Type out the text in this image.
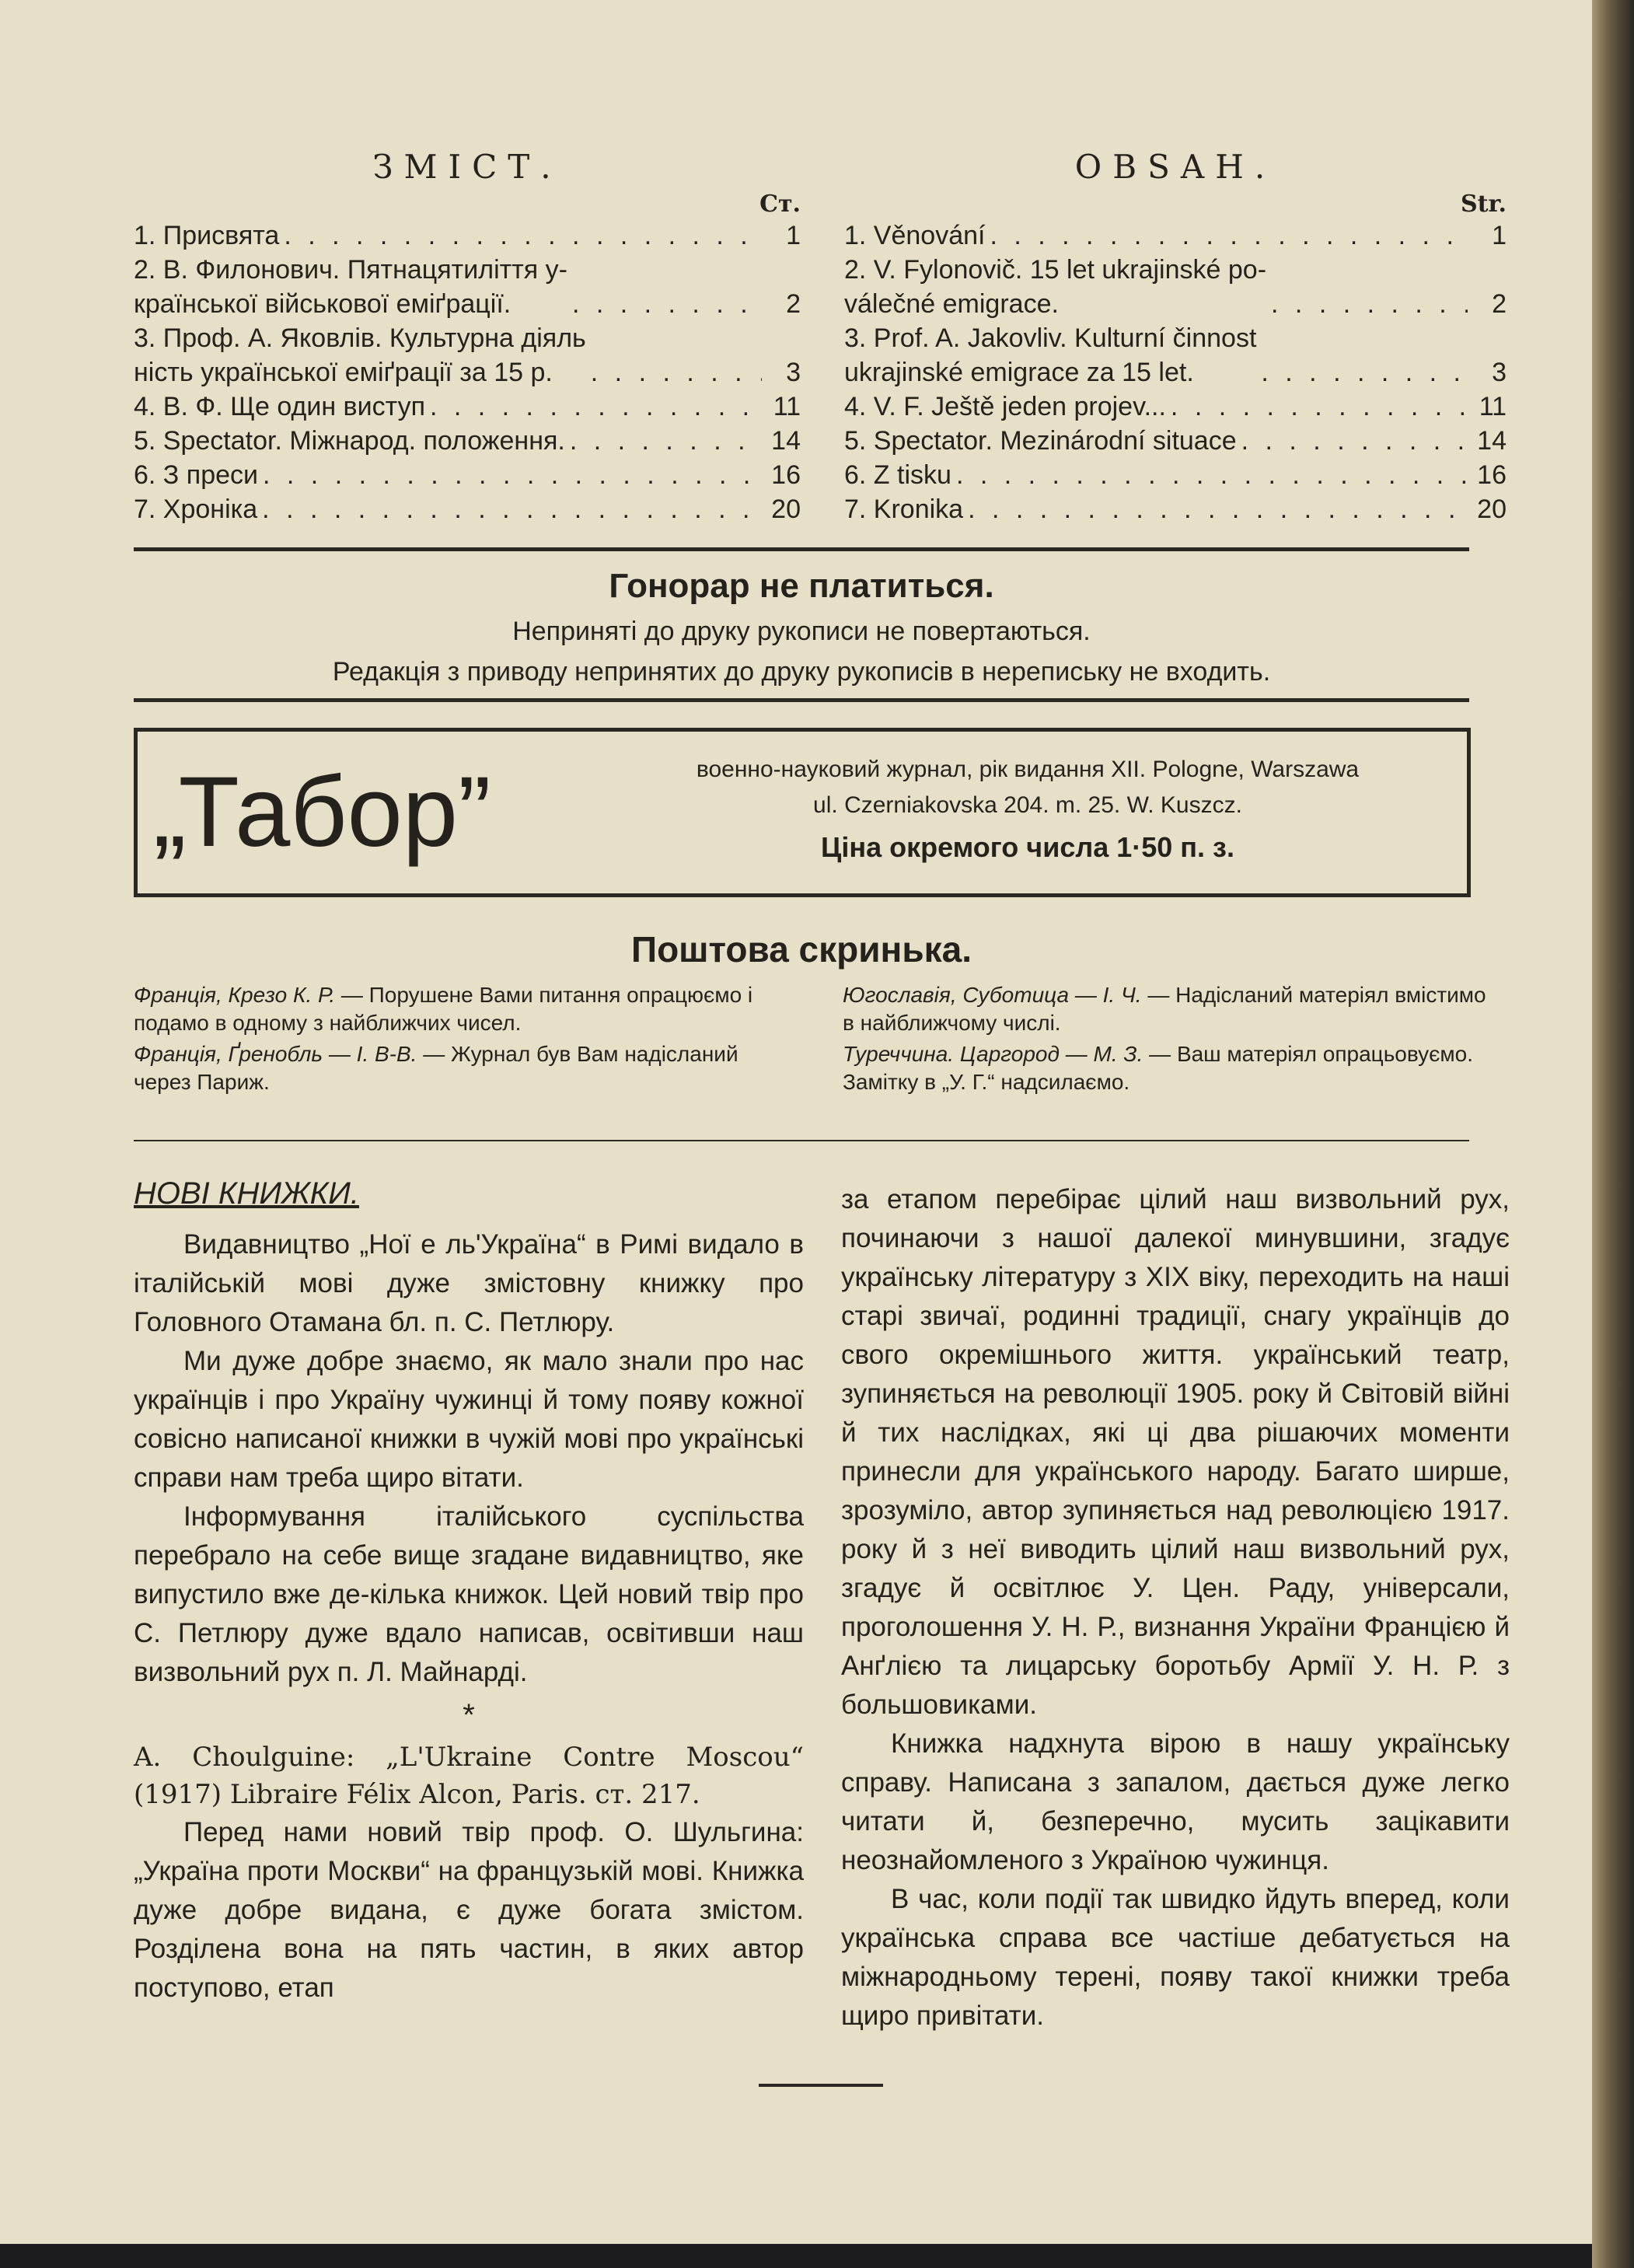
ЗМІСТ.
Ст.
1. Присвята . . .	1
2. В. Филонович. Пятнацятиліття у-
країнської військової еміґрації. . . .	2
3. Проф. А. Яковлів. Культурна діяль
ність української еміґрації за 15 р. . . .	3
4. В. Ф. Ще один виступ . . .	11
5. Spectator. Міжнарод. положення. . . .	14
6. З преси . . .	16
7. Хроніка . . .	20
OBSAH.
Str.
1. Věnování . . .	1
2. V. Fylonovič. 15 let ukrajinské po-
válečné emigrace. . . .	2
3. Prof. A. Jakovliv. Kulturní činnost
ukrajinské emigrace za 15 let. . . .	3
4. V. F. Ještě jeden projev... . . .	11
5. Spectator. Mezinárodní situace . . .	14
6. Z tisku . . .	16
7. Kronika . . .	20
Гонорар не платиться.
Неприняті до друку рукописи не повертаються.
Редакція з приводу непринятих до друку рукописів в нерепиську не входить.
„Табор”	военно-науковий журнал, рік видання XII. Pologne, Warszawa
ul. Czerniakovska 204. m. 25. W. Kuszcz.
Ціна окремого числа 1·50 п. з.
Поштова скринька.
Франція, Крезо К. Р. — Порушене Вами питання опрацюємо і подамо в одному з найближчих чисел.
Франція, Ґренобль — І. В-В. — Журнал був Вам надісланий через Париж.
Югославія, Суботица — І. Ч. — Надісланий матеріял вмістимо в найближчому числі.
Туреччина. Царгород — М. З. — Ваш матеріял опрацьовуємо. Замітку в „У. Г.“ надсилаємо.
НОВІ КНИЖКИ.

Видавництво „Ної е ль'Україна“ в Римі видало в італійській мові дуже змістовну книжку про Головного Отамана бл. п. С. Петлюру.

Ми дуже добре знаємо, як мало знали про нас українців і про Україну чужинці й тому появу кожної совісно написаної книжки в чужій мові про українські справи нам треба щиро вітати.

Інформування італійського суспільства перебрало на себе вище згадане видавництво, яке випустило вже де-кілька книжок. Цей новий твір про С. Петлюру дуже вдало написав, освітивши наш визвольний рух п. Л. Майнарді.

*

A. Choulguine: „L'Ukraine Contre Moscou“ (1917) Libraire Félix Alcon, Paris. ст. 217.

Перед нами новий твір проф. О. Шульгина: „Україна проти Москви“ на французькій мові. Книжка дуже добре видана, є дуже богата змістом. Розділена вона на пять частин, в яких автор поступово, етап

за етапом перебірає цілий наш визвольний рух, починаючи з нашої далекої минувшини, згадує українську літературу з XIX віку, переходить на наші старі звичаї, родинні традиції, снагу українців до свого окремішнього життя. український театр, зупиняється на революції 1905. року й Світовій війні й тих наслідках, які ці два рішаючих моменти принесли для українського народу. Багато ширше, зрозуміло, автор зупиняється над революцією 1917. року й з неї виводить цілий наш визвольний рух, згадує й освітлює У. Цен. Раду, універсали, проголошення У. Н. Р., визнання України Францією й Анґлією та лицарську боротьбу Армії У. Н. Р. з большовиками.

Книжка надхнута вірою в нашу українську справу. Написана з запалом, дається дуже легко читати й, безперечно, мусить зацікавити неознайомленого з Україною чужинця.

В час, коли події так швидко йдуть вперед, коли українська справа все частіше дебатується на міжнародньому терені, появу такої книжки треба щиро привітати.
